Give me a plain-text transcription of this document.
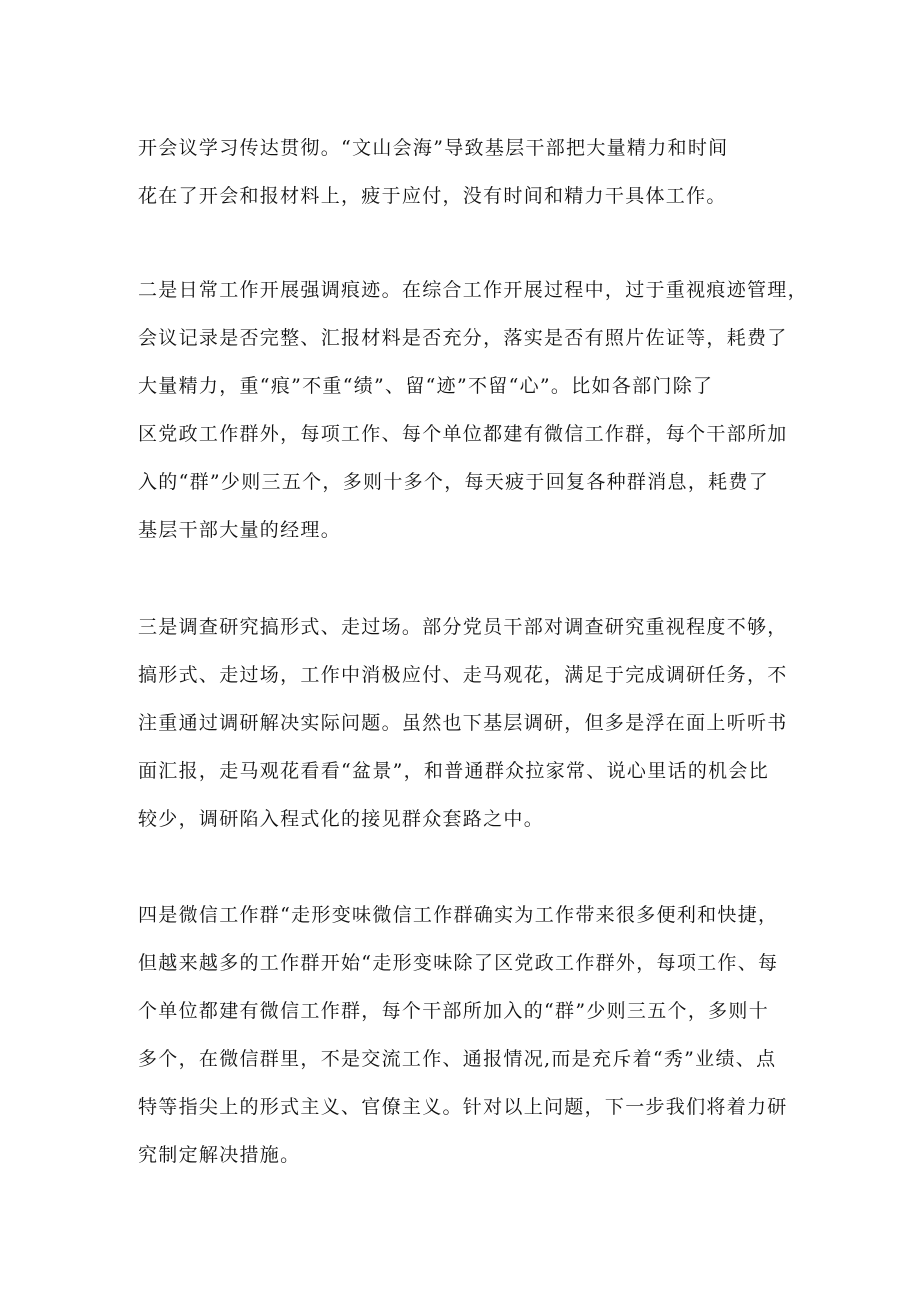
开会议学习传达贯彻。“文山会海”导致基层干部把大量精力和时间
花在了开会和报材料上，疲于应付，没有时间和精力干具体工作。
二是日常工作开展强调痕迹。在综合工作开展过程中，过于重视痕迹管理，
会议记录是否完整、汇报材料是否充分，落实是否有照片佐证等，耗费了
大量精力，重“痕”不重“绩”、留“迹”不留“心”。比如各部门除了
区党政工作群外，每项工作、每个单位都建有微信工作群，每个干部所加
入的“群”少则三五个，多则十多个，每天疲于回复各种群消息，耗费了
基层干部大量的经理。
三是调查研究搞形式、走过场。部分党员干部对调查研究重视程度不够，
搞形式、走过场，工作中消极应付、走马观花，满足于完成调研任务，不
注重通过调研解决实际问题。虽然也下基层调研，但多是浮在面上听听书
面汇报，走马观花看看“盆景”，和普通群众拉家常、说心里话的机会比
较少，调研陷入程式化的接见群众套路之中。
四是微信工作群“走形变味微信工作群确实为工作带来很多便利和快捷，
但越来越多的工作群开始“走形变味除了区党政工作群外，每项工作、每
个单位都建有微信工作群，每个干部所加入的“群”少则三五个，多则十
多个，在微信群里，不是交流工作、通报情况,而是充斥着“秀”业绩、点
特等指尖上的形式主义、官僚主义。针对以上问题，下一步我们将着力研
究制定解决措施。
